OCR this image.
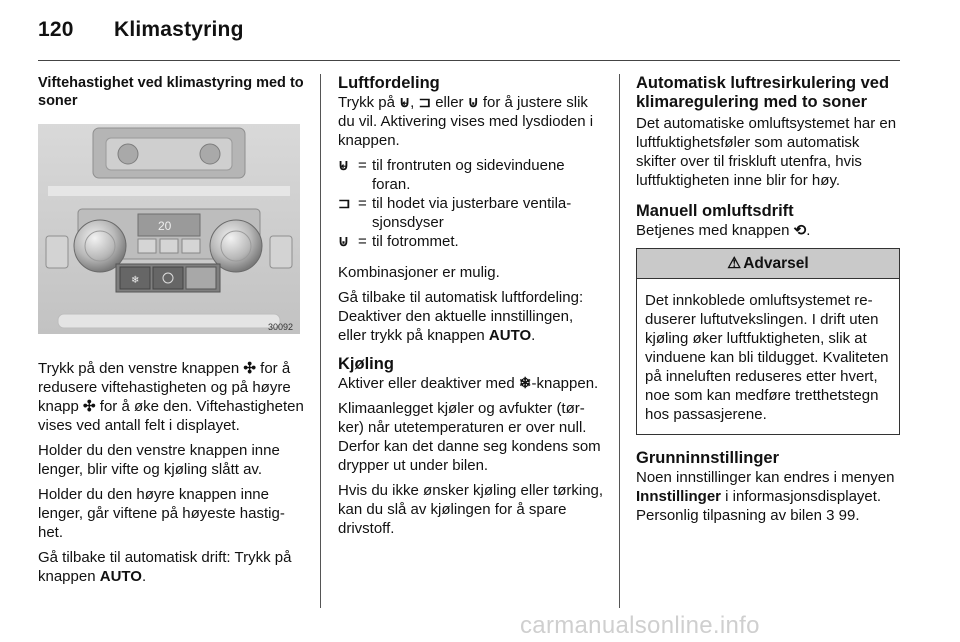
120 Klimastyring
Viftehastighet ved klimastyring med to soner
20
❄
30092

Trykk på den venstre knappen ✣ for å redusere viftehastigheten og på høyre knapp ✣ for å øke den. Viftehastigheten vises ved antall felt i displayet.

Holder du den venstre knappen inne lenger, blir vifte og kjøling slått av.

Holder du den høyre knappen inne lenger, går viftene på høyeste hastighet.

Gå tilbake til automatisk drift: Trykk på knappen AUTO.

Luftfordeling

Trykk på ⊌, ⊐ eller ⊍ for å justere slik du vil. Aktivering vises med lysdioden i knappen.

⊌ = til frontruten og sidevinduene foran.
⊐ = til hodet via justerbare ventilasjonsdyser
⊍ = til fotrommet.

Kombinasjoner er mulig.

Gå tilbake til automatisk luftfordeling: Deaktiver den aktuelle innstillingen, eller trykk på knappen AUTO.

Kjøling

Aktiver eller deaktiver med ❄-knappen.

Klimaanlegget kjøler og avfukter (tørker) når utetemperaturen er over null. Derfor kan det danne seg kondens som drypper ut under bilen.

Hvis du ikke ønsker kjøling eller tørking, kan du slå av kjølingen for å spare drivstoff.

Automatisk luftresirkulering ved klimaregulering med to soner

Det automatiske omluftsystemet har en luftfuktighetsføler som automatisk skifter over til friskluft utenfra, hvis luftfuktigheten inne blir for høy.

Manuell omluftsdrift

Betjenes med knappen ⟲.

⚠ Advarsel
Det innkoblede omluftsystemet reduserer luftutvekslingen. I drift uten kjøling øker luftfuktigheten, slik at vinduene kan bli tildugget. Kvaliteten på inneluften reduseres etter hvert, noe som kan medføre tretthetstegn hos passasjerene.
Grunninnstillinger

Noen innstillinger kan endres i menyen Innstillinger i informasjonsdisplayet. Personlig tilpasning av bilen 3 99.

carmanualsonline.info
